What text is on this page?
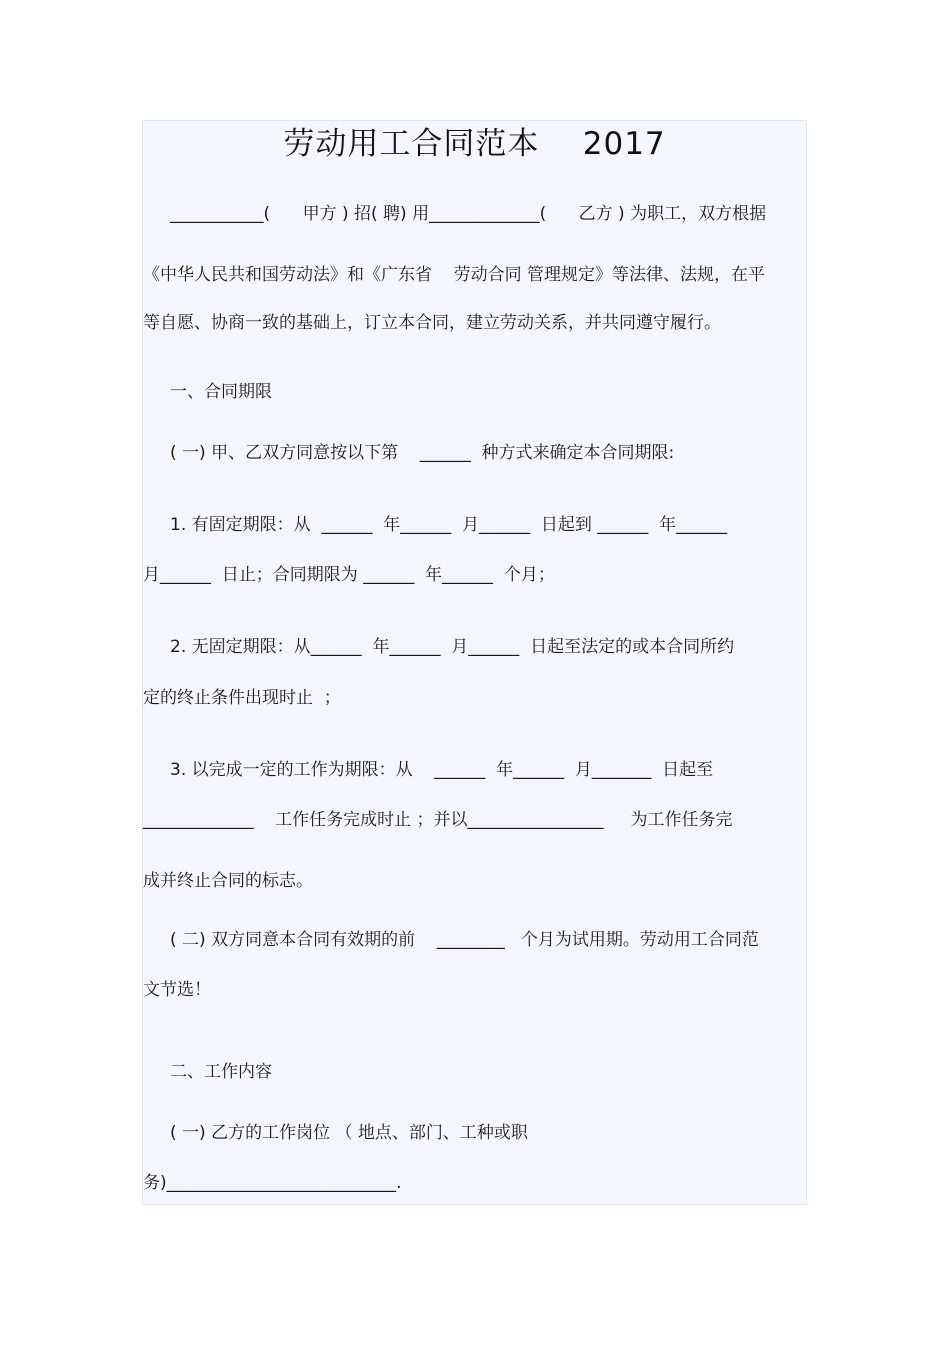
劳动用工合同范本    2017
___________(      甲方 ) 招( 聘) 用_____________(      乙方 ) 为职工，双方根据
《中华人民共和国劳动法》和《广东省    劳动合同 管理规定》等法律、法规，在平
等自愿、协商一致的基础上，订立本合同，建立劳动关系，并共同遵守履行。
一、合同期限
( 一) 甲、乙双方同意按以下第    ______  种方式来确定本合同期限:
1. 有固定期限：从  ______  年______  月______  日起到 ______  年______
月______  日止；合同期限为 ______  年______  个月；
2. 无固定期限：从______  年______  月______  日起至法定的或本合同所约
定的终止条件出现时止  ；
3. 以完成一定的工作为期限：从    ______  年______  月_______  日起至
_____________    工作任务完成时止 ；并以________________     为工作任务完
成并终止合同的标志。
( 二) 双方同意本合同有效期的前    ________   个月为试用期。劳动用工合同范
文节选！
二、工作内容
( 一) 乙方的工作岗位 （ 地点、部门、工种或职
务)___________________________.
